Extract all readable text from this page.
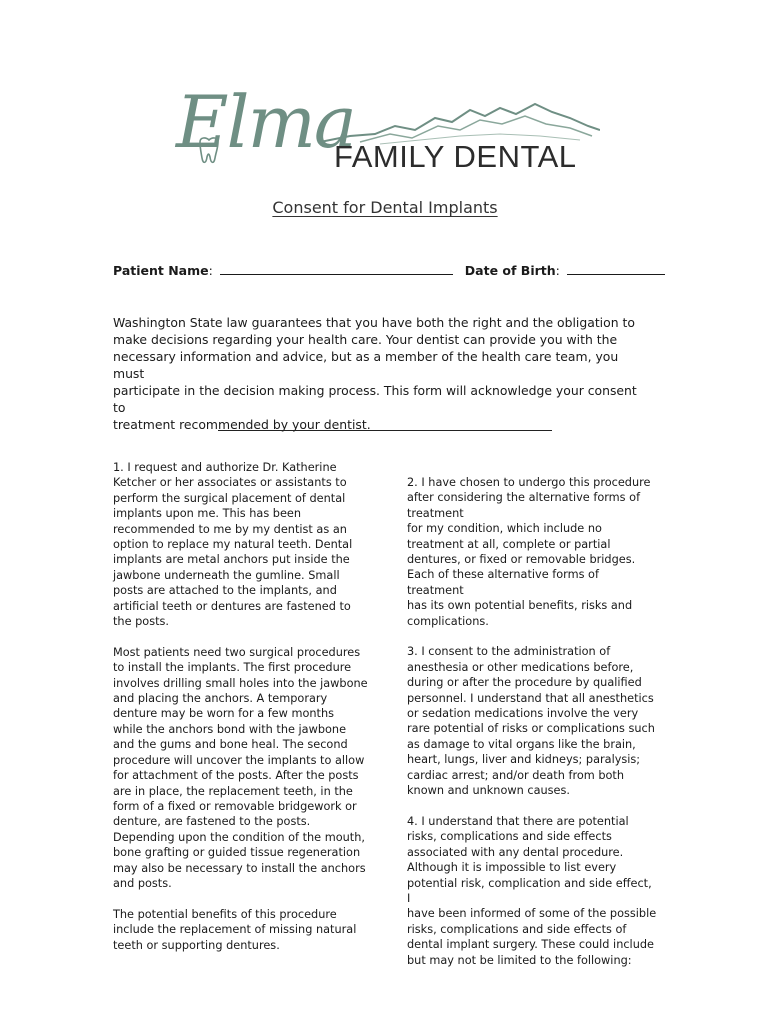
Elma
FAMILY DENTAL
Consent for Dental Implants
Patient Name:	Date of Birth:
Washington State law guarantees that you have both the right and the obligation to
make decisions regarding your health care. Your dentist can provide you with the
necessary information and advice, but as a member of the health care team, you must
participate in the decision making process. This form will acknowledge your consent to
treatment recommended by your dentist.

1. I request and authorize Dr. Katherine

Ketcher or her associates or assistants to

perform the surgical placement of dental

implants upon me. This has been

recommended to me by my dentist as an

option to replace my natural teeth. Dental

implants are metal anchors put inside the

jawbone underneath the gumline. Small

posts are attached to the implants, and

artificial teeth or dentures are fastened to

the posts.

Most patients need two surgical procedures

to install the implants. The first procedure

involves drilling small holes into the jawbone

and placing the anchors. A temporary

denture may be worn for a few months

while the anchors bond with the jawbone

and the gums and bone heal. The second

procedure will uncover the implants to allow

for attachment of the posts. After the posts

are in place, the replacement teeth, in the

form of a fixed or removable bridgework or

denture, are fastened to the posts.

Depending upon the condition of the mouth,

bone grafting or guided tissue regeneration

may also be necessary to install the anchors

and posts.

The potential benefits of this procedure

include the replacement of missing natural

teeth or supporting dentures.

2. I have chosen to undergo this procedure

after considering the alternative forms of

treatment

for my condition, which include no

treatment at all, complete or partial

dentures, or fixed or removable bridges.

Each of these alternative forms of treatment

has its own potential benefits, risks and

complications.

3. I consent to the administration of

anesthesia or other medications before,

during or after the procedure by qualified

personnel. I understand that all anesthetics

or sedation medications involve the very

rare potential of risks or complications such

as damage to vital organs like the brain,

heart, lungs, liver and kidneys; paralysis;

cardiac arrest; and/or death from both

known and unknown causes.

4. I understand that there are potential

risks, complications and side effects

associated with any dental procedure.

Although it is impossible to list every

potential risk, complication and side effect, I

have been informed of some of the possible

risks, complications and side effects of

dental implant surgery. These could include

but may not be limited to the following:
